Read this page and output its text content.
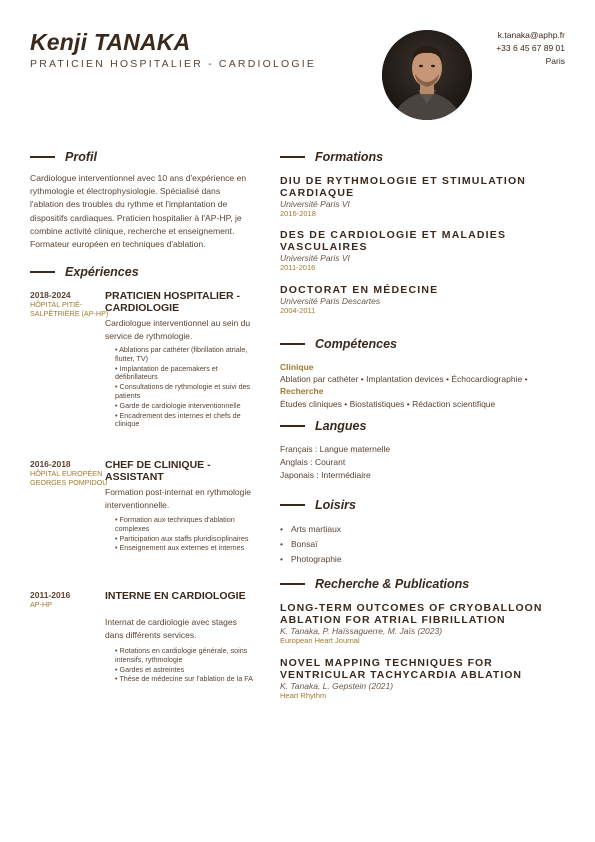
Kenji TANAKA
PRATICIEN HOSPITALIER - CARDIOLOGIE
k.tanaka@aphp.fr
+33 6 45 67 89 01
Paris
Profil
Cardiologue interventionnel avec 10 ans d'expérience en rythmologie et électrophysiologie. Spécialisé dans l'ablation des troubles du rythme et l'implantation de dispositifs cardiaques. Praticien hospitalier à l'AP-HP, je combine activité clinique, recherche et enseignement. Formateur européen en techniques d'ablation.
Expériences
2018-2024
HÔPITAL PITIÉ-SALPÊTRIÈRE (AP-HP)
PRATICIEN HOSPITALIER - CARDIOLOGIE
Cardiologue interventionnel au sein du service de rythmologie.
• Ablations par cathéter (fibrillation atriale, flutter, TV)
• Implantation de pacemakers et défibrillateurs
• Consultations de rythmologie et suivi des patients
• Garde de cardiologie interventionnelle
• Encadrement des internes et chefs de clinique
2016-2018
HÔPITAL EUROPÉEN GEORGES POMPIDOU
CHEF DE CLINIQUE - ASSISTANT
Formation post-internat en rythmologie interventionnelle.
• Formation aux techniques d'ablation complexes
• Participation aux staffs pluridisciplinaires
• Enseignement aux externes et internes
2011-2016
AP-HP
INTERNE EN CARDIOLOGIE
Internat de cardiologie avec stages dans différents services.
• Rotations en cardiologie générale, soins intensifs, rythmologie
• Gardes et astreintes
• Thèse de médecine sur l'ablation de la FA
Formations
DIU DE RYTHMOLOGIE ET STIMULATION CARDIAQUE
Université Paris VI
2016-2018
DES DE CARDIOLOGIE ET MALADIES VASCULAIRES
Université Paris VI
2011-2016
DOCTORAT EN MÉDECINE
Université Paris Descartes
2004-2011
Compétences
Clinique
Ablation par cathéter • Implantation devices • Échocardiographie •
Recherche
Études cliniques • Biostatistiques • Rédaction scientifique
Langues
Français : Langue maternelle
Anglais : Courant
Japonais : Intermédiaire
Loisirs
• Arts martiaux
• Bonsaï
• Photographie
Recherche & Publications
LONG-TERM OUTCOMES OF CRYOBALLOON ABLATION FOR ATRIAL FIBRILLATION
K. Tanaka, P. Haïssaguerre, M. Jaïs (2023)
European Heart Journal
NOVEL MAPPING TECHNIQUES FOR VENTRICULAR TACHYCARDIA ABLATION
K. Tanaka, L. Gepstein (2021)
Heart Rhythm
